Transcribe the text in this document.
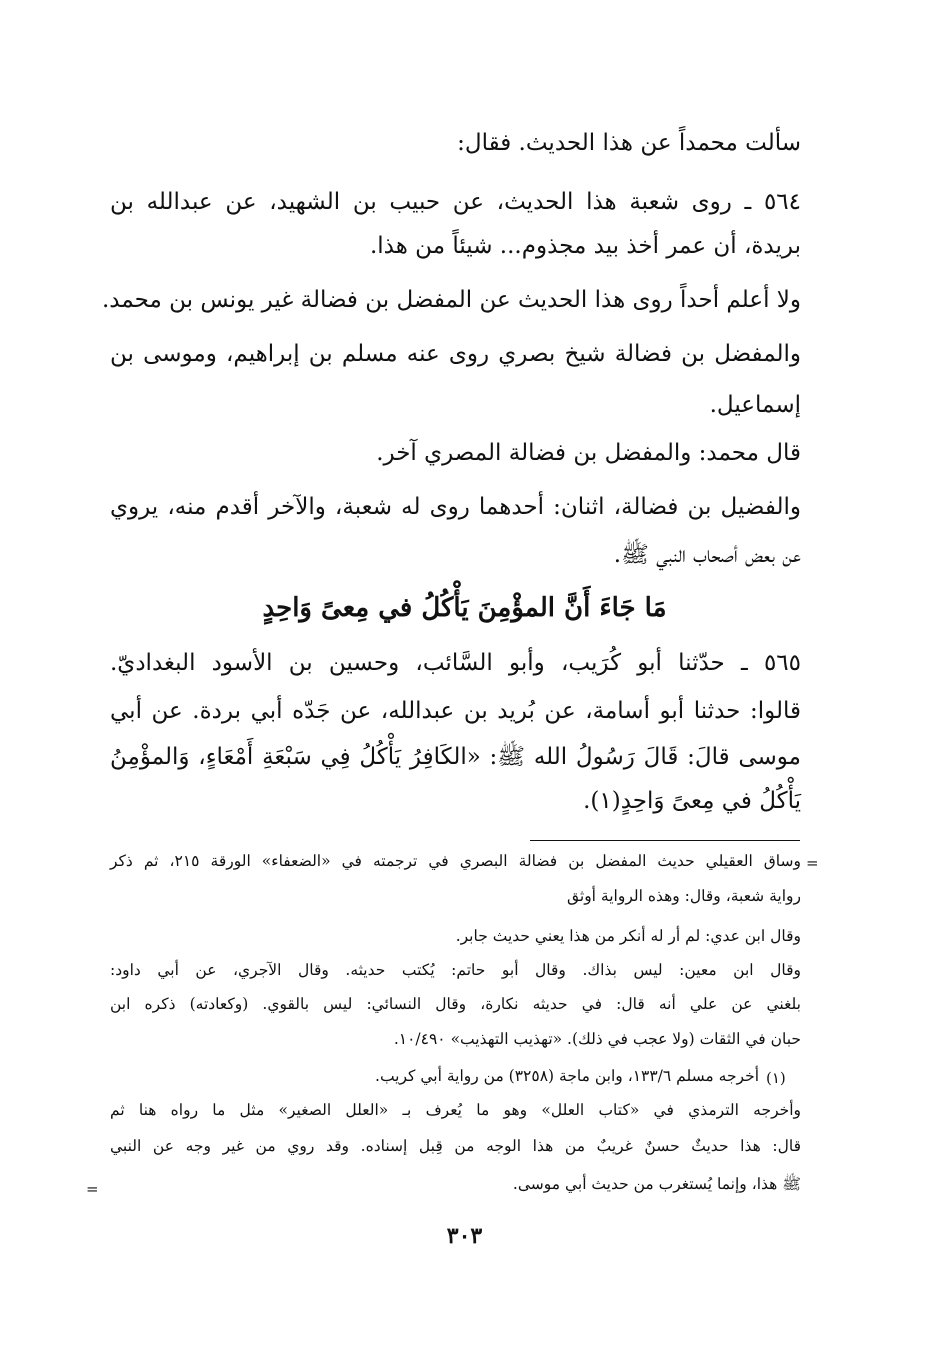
سألت محمداً عن هذا الحديث. فقال:
٥٦٤ ـ روى شعبة هذا الحديث، عن حبيب بن الشهيد، عن عبدالله بن
بريدة، أن عمر أخذ بيد مجذوم... شيئاً من هذا.
ولا أعلم أحداً روى هذا الحديث عن المفضل بن فضالة غير يونس بن محمد.
والمفضل بن فضالة شيخ بصري روى عنه مسلم بن إبراهيم، وموسى بن
إسماعيل.
قال محمد: والمفضل بن فضالة المصري آخر.
والفضيل بن فضالة، اثنان: أحدهما روى له شعبة، والآخر أقدم منه، يروي
عن بعض أصحاب النبي ﷺ.
مَا جَاءَ أَنَّ المؤْمِنَ يَأْكُلُ في مِعىً وَاحِدٍ
٥٦٥ ـ حدّثنا أبو كُرَيب، وأبو السَّائب، وحسين بن الأسود البغداديّ.
قالوا: حدثنا أبو أسامة، عن بُريد بن عبدالله، عن جَدّه أبي بردة. عن أبي
موسى قالَ: قَالَ رَسُولُ الله ﷺ: «الكَافِرُ يَأْكُلُ فِي سَبْعَةِ أَمْعَاءٍ، وَالمؤْمِنُ
يَأْكُلُ في مِعىً وَاحِدٍ(١).
=
وساق العقيلي حديث المفضل بن فضالة البصري في ترجمته في «الضعفاء» الورقة ٢١٥، ثم ذكر
رواية شعبة، وقال: وهذه الرواية أوثق
وقال ابن عدي: لم أر له أنكر من هذا يعني حديث جابر.
وقال ابن معين: ليس بذاك. وقال أبو حاتم: يُكتب حديثه. وقال الآجري، عن أبي داود:
بلغني عن علي أنه قال: في حديثه نكارة، وقال النسائي: ليس بالقوي. (وكعادته) ذكره ابن
حبان في الثقات (ولا عجب في ذلك). «تهذيب التهذيب» ١٠/٤٩٠.
(١)
أخرجه مسلم ١٣٣/٦، وابن ماجة (٣٢٥٨) من رواية أبي كريب.
وأخرجه الترمذي في «كتاب العلل» وهو ما يُعرف بـ «العلل الصغير» مثل ما رواه هنا ثم
قال: هذا حديثٌ حسنٌ غريبٌ من هذا الوجه من قِبل إسناده. وقد روي من غير وجه عن النبي
ﷺ هذا، وإنما يُستغرب من حديث أبي موسى.
=
٣٠٣
